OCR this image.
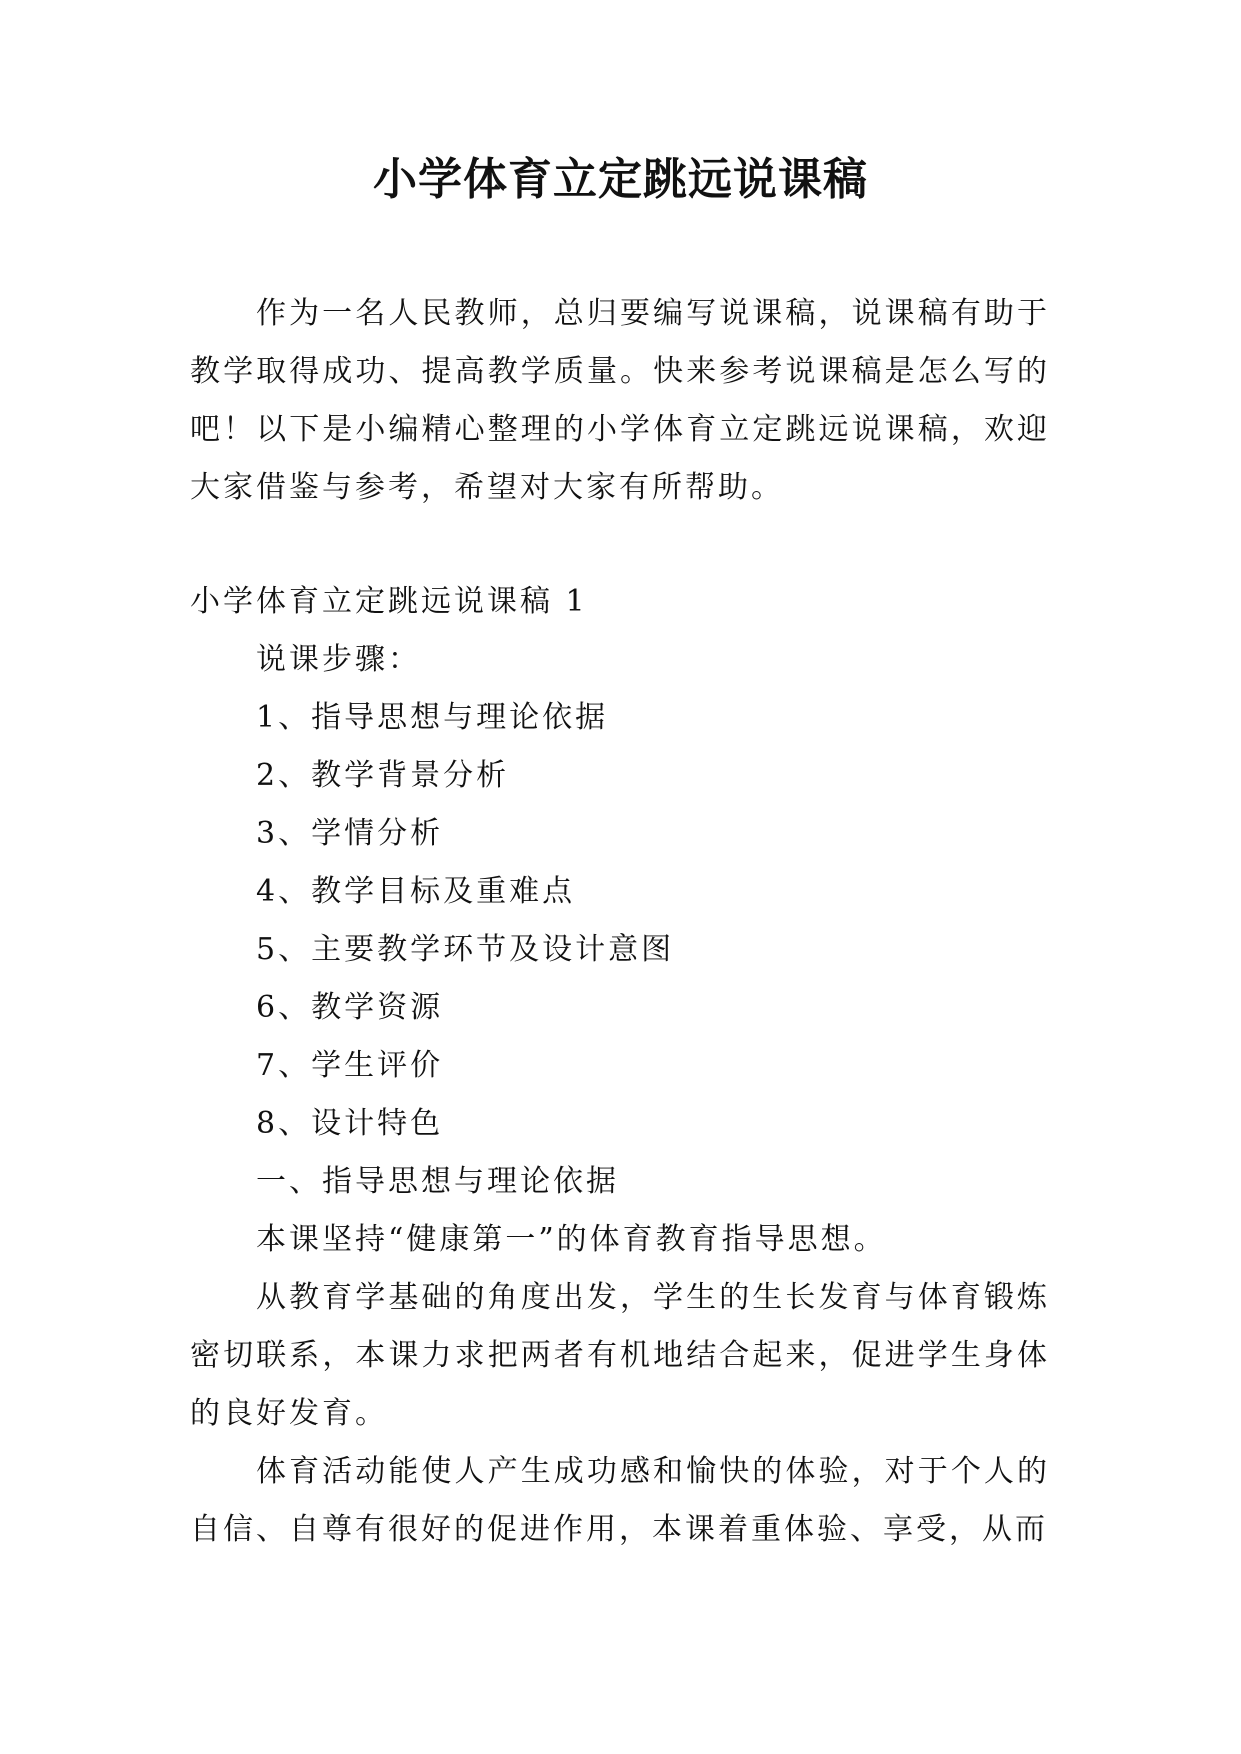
小学体育立定跳远说课稿

作为一名人民教师，总归要编写说课稿，说课稿有助于教学取得成功、提高教学质量。快来参考说课稿是怎么写的吧！以下是小编精心整理的小学体育立定跳远说课稿，欢迎大家借鉴与参考，希望对大家有所帮助。

小学体育立定跳远说课稿 1

说课步骤：

1、指导思想与理论依据

2、教学背景分析

3、学情分析

4、教学目标及重难点

5、主要教学环节及设计意图

6、教学资源

7、学生评价

8、设计特色

一、指导思想与理论依据

本课坚持“健康第一”的体育教育指导思想。

从教育学基础的角度出发，学生的生长发育与体育锻炼密切联系，本课力求把两者有机地结合起来，促进学生身体的良好发育。

体育活动能使人产生成功感和愉快的体验，对于个人的自信、自尊有很好的促进作用，本课着重体验、享受，从而
